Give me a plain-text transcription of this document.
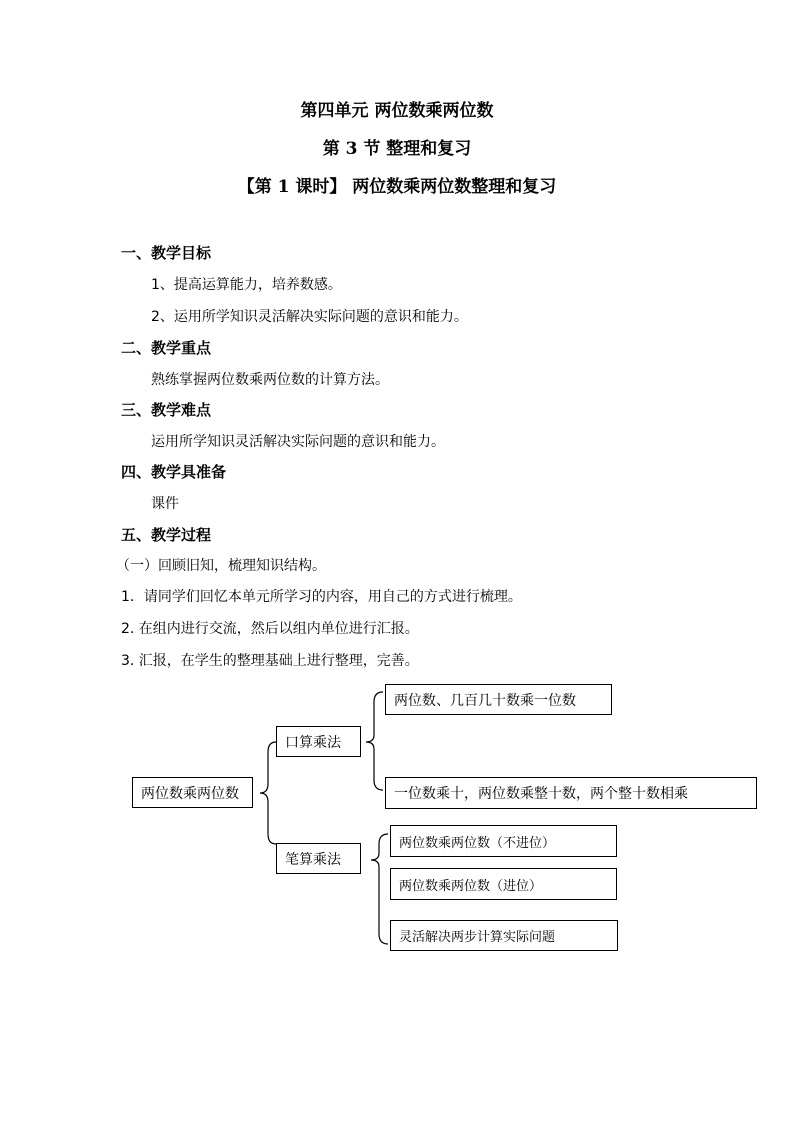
第四单元 两位数乘两位数
第 3 节 整理和复习
【第 1 课时】 两位数乘两位数整理和复习
一、教学目标
1、提高运算能力，培养数感。
2、运用所学知识灵活解决实际问题的意识和能力。
二、教学重点
熟练掌握两位数乘两位数的计算方法。
三、教学难点
运用所学知识灵活解决实际问题的意识和能力。
四、教学具准备
课件
五、教学过程
（一）回顾旧知，梳理知识结构。
1．请同学们回忆本单元所学习的内容，用自己的方式进行梳理。
2. 在组内进行交流，然后以组内单位进行汇报。
3. 汇报，在学生的整理基础上进行整理，完善。
两位数乘两位数
口算乘法
两位数、几百几十数乘一位数
一位数乘十，两位数乘整十数，两个整十数相乘
笔算乘法
两位数乘两位数（不进位）
两位数乘两位数（进位）
灵活解决两步计算实际问题
